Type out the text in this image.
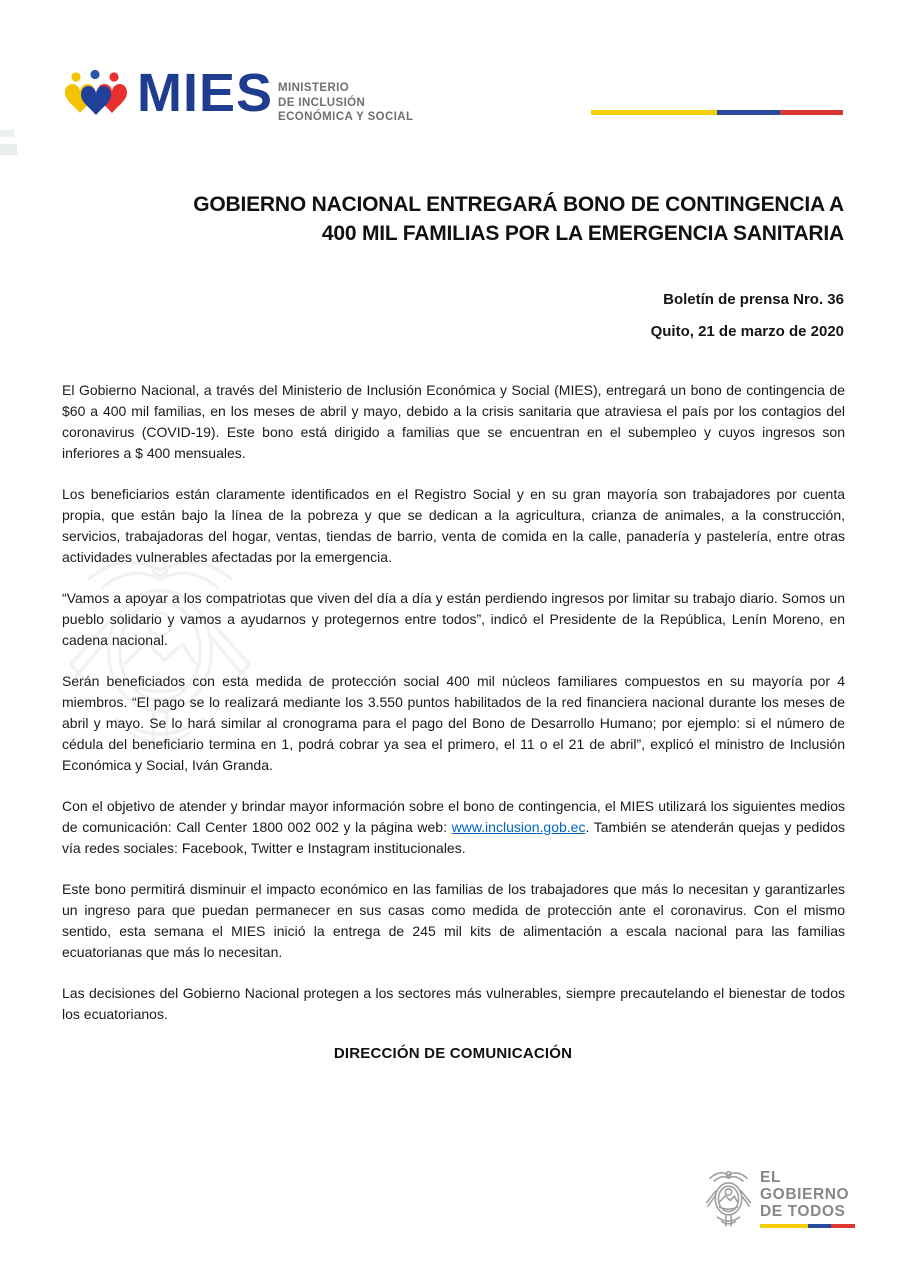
MIES MINISTERIO
DE INCLUSIÓN
ECONÓMICA Y SOCIAL
GOBIERNO NACIONAL ENTREGARÁ BONO DE CONTINGENCIA A
400 MIL FAMILIAS POR LA EMERGENCIA SANITARIA
Boletín de prensa Nro. 36
Quito, 21 de marzo de 2020

El Gobierno Nacional, a través del Ministerio de Inclusión Económica y Social (MIES), entregará un bono de contingencia de $60 a 400 mil familias, en los meses de abril y mayo, debido a la crisis sanitaria que atraviesa el país por los contagios del coronavirus (COVID-19). Este bono está dirigido a familias que se encuentran en el subempleo y cuyos ingresos son inferiores a $ 400 mensuales.

Los beneficiarios están claramente identificados en el Registro Social y en su gran mayoría son trabajadores por cuenta propia, que están bajo la línea de la pobreza y que se dedican a la agricultura, crianza de animales, a la construcción, servicios, trabajadoras del hogar, ventas, tiendas de barrio, venta de comida en la calle, panadería y pastelería, entre otras actividades vulnerables afectadas por la emergencia.

“Vamos a apoyar a los compatriotas que viven del día a día y están perdiendo ingresos por limitar su trabajo diario. Somos un pueblo solidario y vamos a ayudarnos y protegernos entre todos”, indicó el Presidente de la República, Lenín Moreno, en cadena nacional.

Serán beneficiados con esta medida de protección social 400 mil núcleos familiares compuestos en su mayoría por 4 miembros. “El pago se lo realizará mediante los 3.550 puntos habilitados de la red financiera nacional durante los meses de abril y mayo. Se lo hará similar al cronograma para el pago del Bono de Desarrollo Humano; por ejemplo: si el número de cédula del beneficiario termina en 1, podrá cobrar ya sea el primero, el 11 o el 21 de abril”, explicó el ministro de Inclusión Económica y Social, Iván Granda.

Con el objetivo de atender y brindar mayor información sobre el bono de contingencia, el MIES utilizará los siguientes medios de comunicación: Call Center 1800 002 002 y la página web: www.inclusion.gob.ec. También se atenderán quejas y pedidos vía redes sociales: Facebook, Twitter e Instagram institucionales.

Este bono permitirá disminuir el impacto económico en las familias de los trabajadores que más lo necesitan y garantizarles un ingreso para que puedan permanecer en sus casas como medida de protección ante el coronavirus. Con el mismo sentido, esta semana el MIES inició la entrega de 245 mil kits de alimentación a escala nacional para las familias ecuatorianas que más lo necesitan.

Las decisiones del Gobierno Nacional protegen a los sectores más vulnerables, siempre precautelando el bienestar de todos los ecuatorianos.

DIRECCIÓN DE COMUNICACIÓN
EL
GOBIERNO
DE TODOS
